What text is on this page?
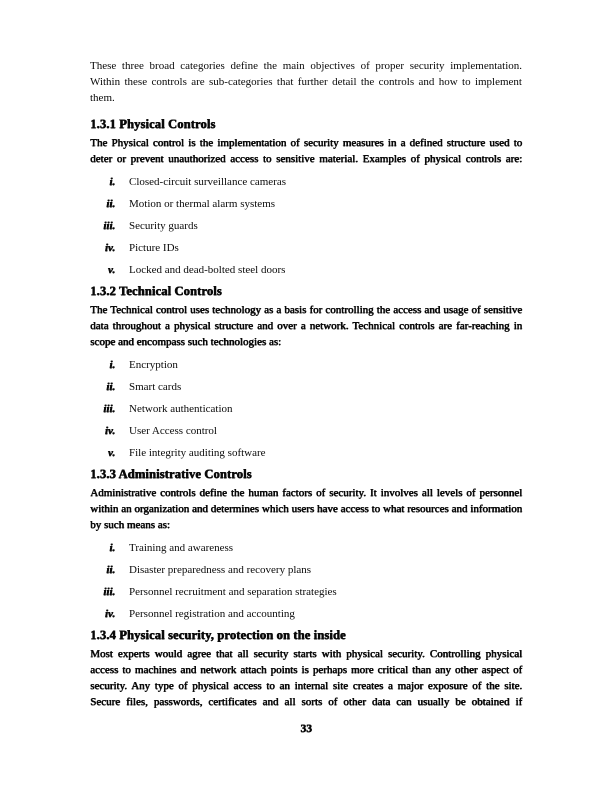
These three broad categories define the main objectives of proper security implementation. Within these controls are sub-categories that further detail the controls and how to implement them.

1.3.1 Physical Controls

The Physical control is the implementation of security measures in a defined structure used to deter or prevent unauthorized access to sensitive material. Examples of physical controls are:

i. Closed-circuit surveillance cameras
ii. Motion or thermal alarm systems
iii. Security guards
iv. Picture IDs
v. Locked and dead-bolted steel doors
1.3.2 Technical Controls

The Technical control uses technology as a basis for controlling the access and usage of sensitive data throughout a physical structure and over a network. Technical controls are far-reaching in scope and encompass such technologies as:

i. Encryption
ii. Smart cards
iii. Network authentication
iv. User Access control
v. File integrity auditing software
1.3.3 Administrative Controls

Administrative controls define the human factors of security. It involves all levels of personnel within an organization and determines which users have access to what resources and information by such means as:

i. Training and awareness
ii. Disaster preparedness and recovery plans
iii. Personnel recruitment and separation strategies
iv. Personnel registration and accounting
1.3.4 Physical security, protection on the inside

Most experts would agree that all security starts with physical security. Controlling physical access to machines and network attach points is perhaps more critical than any other aspect of security. Any type of physical access to an internal site creates a major exposure of the site. Secure files, passwords, certificates and all sorts of other data can usually be obtained if

33
